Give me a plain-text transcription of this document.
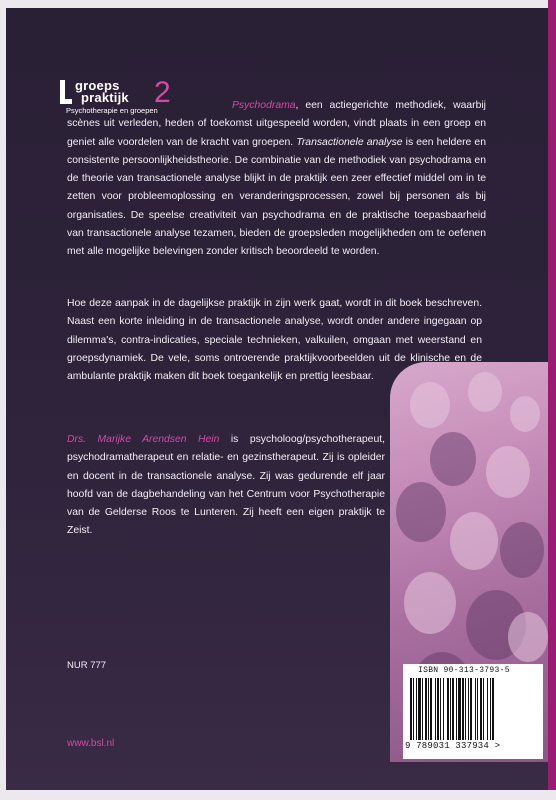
groeps
praktijk
Psychotherapie en groepen
2	Psychodrama, een actiegerichte methodiek, waarbij scènes uit verleden, heden of toekomst uitgespeeld worden, vindt plaats in een groep en geniet alle voordelen van de kracht van groepen. Transactionele analyse is een heldere en consistente persoonlijkheidstheorie. De combinatie van de methodiek van psychodrama en de theorie van transactionele analyse blijkt in de praktijk een zeer effectief middel om in te zetten voor probleemoplossing en veranderingsprocessen, zowel bij personen als bij organisaties. De speelse creativiteit van psychodrama en de praktische toepasbaarheid van transactionele analyse tezamen, bieden de groepsleden mogelijkheden om te oefenen met alle mogelijke belevingen zonder kritisch beoordeeld te worden.
Hoe deze aanpak in de dagelijkse praktijk in zijn werk gaat, wordt in dit boek beschreven. Naast een korte inleiding in de transactionele analyse, wordt onder andere ingegaan op dilemma's, contra-indicaties, speciale technieken, valkuilen, omgaan met weerstand en groepsdynamiek. De vele, soms ontroerende praktijkvoorbeelden uit de klinische en de ambulante praktijk maken dit boek toegankelijk en prettig leesbaar.
Drs. Marijke Arendsen Hein is psycholoog/psychotherapeut, psychodramatherapeut en relatie- en gezinstherapeut. Zij is opleider en docent in de transactionele analyse. Zij was gedurende elf jaar hoofd van de dagbehandeling van het Centrum voor Psychotherapie van de Gelderse Roos te Lunteren. Zij heeft een eigen praktijk te Zeist.
NUR 777
www.bsl.nl
ISBN 90-313-3793-5
9 789031 337934 >
